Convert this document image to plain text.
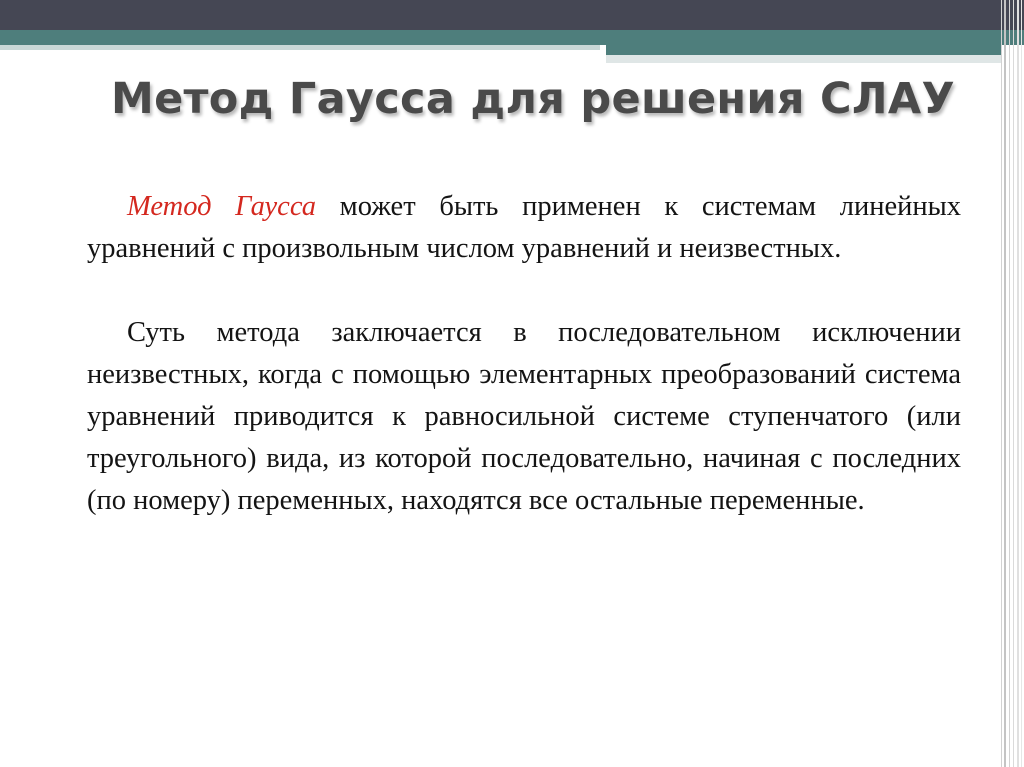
Метод Гаусса для решения СЛАУ

Метод Гаусса может быть применен к системам линейных уравнений с произвольным числом уравнений и неизвестных.

Суть метода заключается в последовательном исключении неизвестных, когда с помощью элементарных преобразований система уравнений приводится к равносильной системе ступенчатого (или треугольного) вида, из которой последовательно, начиная с последних (по номеру) переменных, находятся все остальные переменные.
